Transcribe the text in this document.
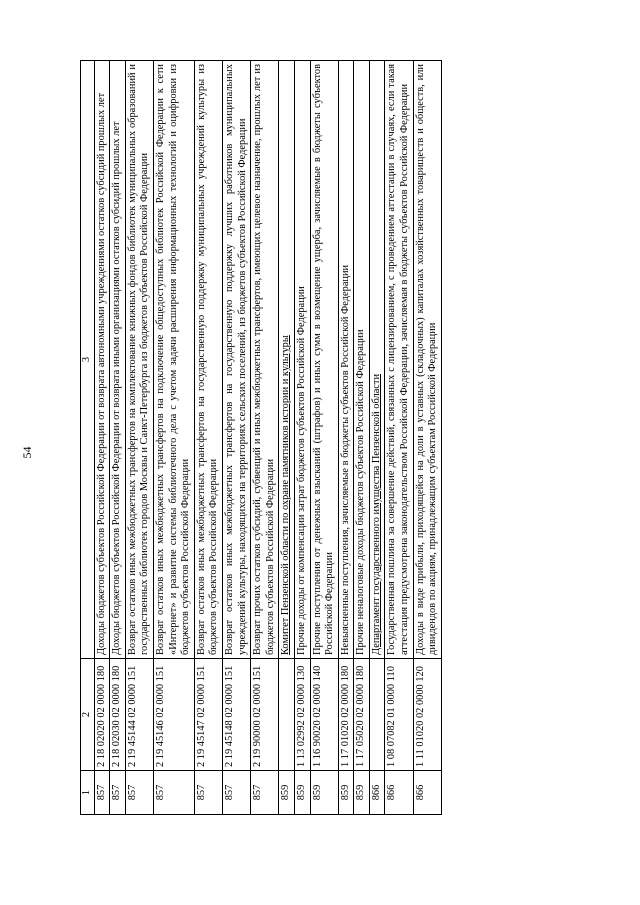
54
1	2	3
857	2 18 02020 02 0000 180	Доходы бюджетов субъектов Российской Федерации от возврата автономными учреждениями остатков субсидий прошлых лет
857	2 18 02030 02 0000 180	Доходы бюджетов субъектов Российской Федерации от возврата иными организациями остатков субсидий прошлых лет
857	2 19 45144 02 0000 151	Возврат остатков иных межбюджетных трансфертов на комплектование книжных фондов библиотек муниципальных образований и государственных библиотек городов Москвы и Санкт-Петербурга из бюджетов субъектов Российской Федерации
857	2 19 45146 02 0000 151	Возврат остатков иных межбюджетных трансфертов на подключение общедоступных библиотек Российской Федерации к сети «Интернет» и развитие системы библиотечного дела с учетом задачи расширения информационных технологий и оцифровки из бюджетов субъектов Российской Федерации
857	2 19 45147 02 0000 151	Возврат остатков иных межбюджетных трансфертов на государственную поддержку муниципальных учреждений культуры из бюджетов субъектов Российской Федерации
857	2 19 45148 02 0000 151	Возврат остатков иных межбюджетных трансфертов на государственную поддержку лучших работников муниципальных учреждений культуры, находящихся на территориях сельских поселений, из бюджетов субъектов Российской Федерации
857	2 19 90000 02 0000 151	Возврат прочих остатков субсидий, субвенций и иных межбюджетных трансфертов, имеющих целевое назначение, прошлых лет из бюджетов субъектов Российской Федерации
859		Комитет Пензенской области по охране памятников истории и культуры
859	1 13 02992 02 0000 130	Прочие доходы от компенсации затрат бюджетов субъектов Российской Федерации
859	1 16 90020 02 0000 140	Прочие поступления от денежных взысканий (штрафов) и иных сумм в возмещение ущерба, зачисляемые в бюджеты субъектов Российской Федерации
859	1 17 01020 02 0000 180	Невыясненные поступления, зачисляемые в бюджеты субъектов Российской Федерации
859	1 17 05020 02 0000 180	Прочие неналоговые доходы бюджетов субъектов Российской Федерации
866		Департамент государственного имущества Пензенской области
866	1 08 07082 01 0000 110	Государственная пошлина за совершение действий, связанных с лицензированием, с проведением аттестации в случаях, если такая аттестация предусмотрена законодательством Российской Федерации, зачисляемая в бюджеты субъектов Российской Федерации
866	1 11 01020 02 0000 120	Доходы в виде прибыли, приходящейся на доли в уставных (складочных) капиталах хозяйственных товариществ и обществ, или дивидендов по акциям, принадлежащим субъектам Российской Федерации
